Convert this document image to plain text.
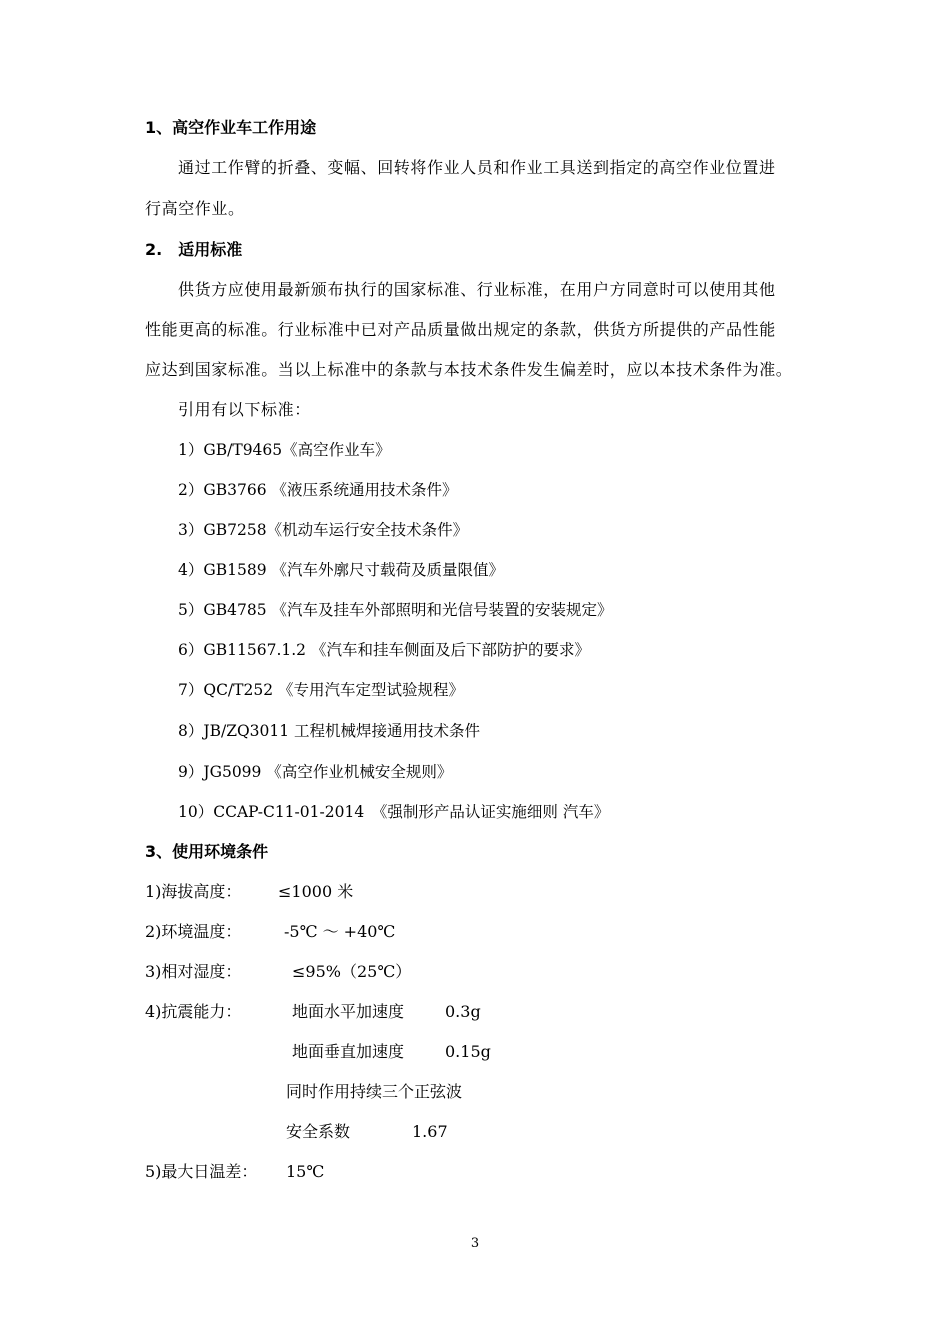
1、高空作业车工作用途
通过工作臂的折叠、变幅、回转将作业人员和作业工具送到指定的高空作业位置进
行高空作业。
2.　适用标准
供货方应使用最新颁布执行的国家标准、行业标准，在用户方同意时可以使用其他
性能更高的标准。行业标准中已对产品质量做出规定的条款，供货方所提供的产品性能
应达到国家标准。当以上标准中的条款与本技术条件发生偏差时，应以本技术条件为准。
引用有以下标准：
1）GB/T9465《高空作业车》
2）GB3766 《液压系统通用技术条件》
3）GB7258《机动车运行安全技术条件》
4）GB1589 《汽车外廓尺寸载荷及质量限值》
5）GB4785 《汽车及挂车外部照明和光信号装置的安装规定》
6）GB11567.1.2 《汽车和挂车侧面及后下部防护的要求》
7）QC/T252 《专用汽车定型试验规程》
8）JB/ZQ3011 工程机械焊接通用技术条件
9）JG5099 《高空作业机械安全规则》
10）CCAP-C11-01-2014　《强制形产品认证实施细则 汽车》
3、使用环境条件
1)海拔高度： ≤1000 米
2)环境温度：	-5℃ ～ +40℃
3)相对湿度：	≤95%（25℃）
4)抗震能力：	地面水平加速度	0.3g
地面垂直加速度	0.15g
同时作用持续三个正弦波
安全系数	1.67
5)最大日温差： 15℃
3
